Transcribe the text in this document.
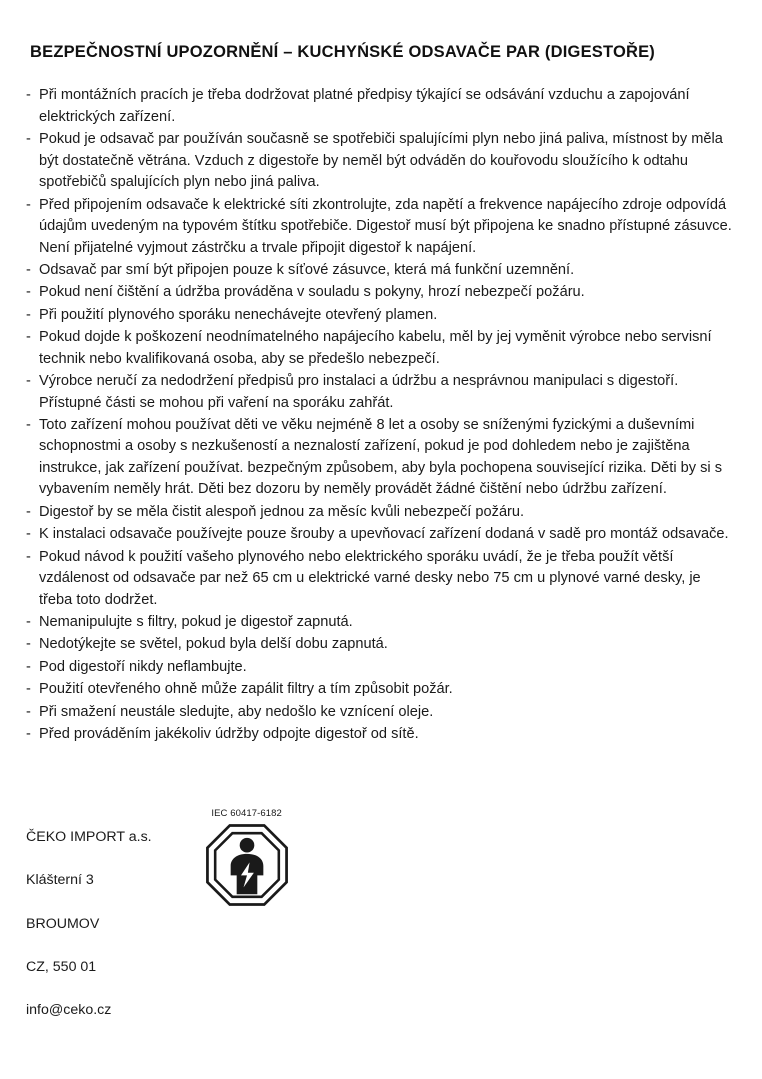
BEZPEČNOSTNÍ UPOZORNĚNÍ – KUCHYŃSKÉ ODSAVAČE PAR (DIGESTOŘE)
- Při montážních pracích je třeba dodržovat platné předpisy týkající se odsávání vzduchu a zapojování elektrických zařízení.
- Pokud je odsavač par používán současně se spotřebiči spalujícími plyn nebo jiná paliva, místnost by měla být dostatečně větrána. Vzduch z digestoře by neměl být odváděn do kouřovodu sloužícího k odtahu spotřebičů spalujících plyn nebo jiná paliva.
- Před připojením odsavače k elektrické síti zkontrolujte, zda napětí a frekvence napájecího zdroje odpovídá údajům uvedeným na typovém štítku spotřebiče. Digestoř musí být připojena ke snadno přístupné zásuvce. Není přijatelné vyjmout zástrčku a trvale připojit digestoř k napájení.
- Odsavač par smí být připojen pouze k síťové zásuvce, která má funkční uzemnění.
- Pokud není čištění a údržba prováděna v souladu s pokyny, hrozí nebezpečí požáru.
- Při použití plynového sporáku nenechávejte otevřený plamen.
- Pokud dojde k poškození neodnímatelného napájecího kabelu, měl by jej vyměnit výrobce nebo servisní technik nebo kvalifikovaná osoba, aby se předešlo nebezpečí.
- Výrobce neručí za nedodržení předpisů pro instalaci a údržbu a nesprávnou manipulaci s digestoří. Přístupné části se mohou při vaření na sporáku zahřát.
- Toto zařízení mohou používat děti ve věku nejméně 8 let a osoby se sníženými fyzickými a duševními schopnostmi a osoby s nezkušeností a neznalostí zařízení, pokud je pod dohledem nebo je zajištěna instrukce, jak zařízení používat. bezpečným způsobem, aby byla pochopena související rizika. Děti by si s vybavením neměly hrát. Děti bez dozoru by neměly provádět žádné čištění nebo údržbu zařízení.
- Digestoř by se měla čistit alespoň jednou za měsíc kvůli nebezpečí požáru.
- K instalaci odsavače používejte pouze šrouby a upevňovací zařízení dodaná v sadě pro montáž odsavače.
- Pokud návod k použití vašeho plynového nebo elektrického sporáku uvádí, že je třeba použít větší vzdálenost od odsavače par než 65 cm u elektrické varné desky nebo 75 cm u plynové varné desky, je třeba toto dodržet.
- Nemanipulujte s filtry, pokud je digestoř zapnutá.
- Nedotýkejte se světel, pokud byla delší dobu zapnutá.
- Pod digestoří nikdy neflambujte.
- Použití otevřeného ohně může zapálit filtry a tím způsobit požár.
- Při smažení neustále sledujte, aby nedošlo ke vznícení oleje.
- Před prováděním jakékoliv údržby odpojte digestoř od sítě.

ČEKO IMPORT a.s.

Klášterní 3

BROUMOV

CZ, 550 01

info@ceko.cz

IEC 60417-6182
